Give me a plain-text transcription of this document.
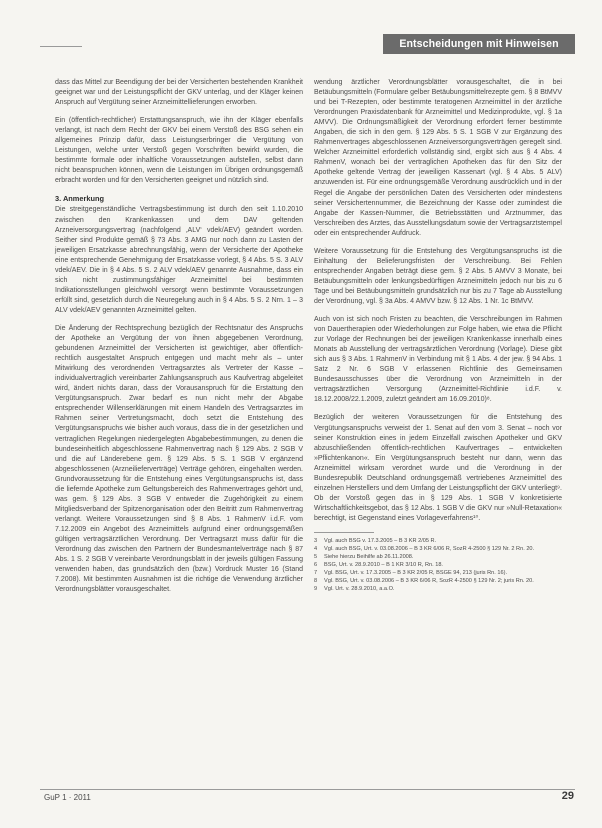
Entscheidungen mit Hinweisen

dass das Mittel zur Beendigung der bei der Versicherten bestehenden Krankheit geeignet war und der Leistungspflicht der GKV unterlag, und der Kläger keinen Anspruch auf Vergütung seiner Arzneimittellieferungen erworben.

Ein (öffentlich-rechtlicher) Erstattungsanspruch, wie ihn der Kläger ebenfalls verlangt, ist nach dem Recht der GKV bei einem Verstoß des BSG sehen ein allgemeines Prinzip dafür, dass Leistungserbringer die Vergütung von Leistungen, welche unter Verstoß gegen Vorschriften bewirkt wurden, die bestimmte formale oder inhaltliche Voraussetzungen aufstellen, selbst dann nicht beanspruchen können, wenn die Leistungen im Übrigen ordnungsgemäß erbracht worden und für den Versicherten geeignet und nützlich sind.

3. Anmerkung

Die streitgegenständliche Vertragsbestimmung ist durch den seit 1.10.2010 zwischen den Krankenkassen und dem DAV geltenden Arzneiversorgungsvertrag (nachfolgend ‚ALV‘ vdek/AEV) geändert worden. Seither sind Produkte gemäß § 73 Abs. 3 AMG nur noch dann zu Lasten der jeweiligen Ersatzkasse abrechnungsfähig, wenn der Versicherte der Apotheke eine entsprechende Genehmigung der Ersatzkasse vorlegt, § 4 Abs. 5 S. 3 ALV vdek/AEV. Die in § 4 Abs. 5 S. 2 ALV vdek/AEV genannte Ausnahme, dass ein sich nicht zustimmungsfähiger Arzneimittel bei bestimmten Indikationsstellungen gleichwohl versorgt wenn bestimmte Voraussetzungen erfüllt sind, gesetzlich durch die Neuregelung auch in § 4 Abs. 5 S. 2 Nrn. 1 – 3 ALV vdek/AEV genannten Arzneimittel gelten.

Die Änderung der Rechtsprechung bezüglich der Rechtsnatur des Anspruchs der Apotheke an Vergütung der von ihnen abgegebenen Verordnung, gebundenen Arzneimittel der Versicherten ist gewichtiger, aber öffentlich-rechtlich ausgestaltet Anspruch entgegen und macht mehr als – unter Mitwirkung des verordnenden Vertragsarztes als Vertreter der Kasse – individualvertraglich vereinbarter Zahlungsanspruch aus Kaufvertrag abgeleitet wird, ändert nichts daran, dass der Vorausanspruch für die Erstattung den Vergütungsanspruch. Zwar bedarf es nun nicht mehr der Abgabe entsprechender Willenserklärungen mit einem Handeln des Vertragsarztes im Rahmen seiner Vertretungsmacht, doch setzt die Entstehung des Vergütungsanspruchs wie bisher auch voraus, dass die in der gesetzlichen und vertraglichen Regelungen niedergelegten Abgabebestimmungen, zu denen die bundeseinheitlich abgeschlossene Rahmenvertrag nach § 129 Abs. 2 SGB V und die auf Länderebene gem. § 129 Abs. 5 S. 1 SGB V ergänzend abgeschlossenen (Arzneilieferverträge) Verträge gehören, eingehalten werden. Grundvoraussetzung für die Entstehung eines Vergütungsanspruchs ist, dass die liefernde Apotheke zum Geltungsbereich des Rahmenvertrages gehört und, was gem. § 129 Abs. 3 SGB V entweder die Zugehörigkeit zu einem Mitgliedsverband der Spitzenorganisation oder den Beitritt zum Rahmenvertrag verlangt. Weitere Voraussetzungen sind § 8 Abs. 1 RahmenV i.d.F. vom 7.12.2009 ein Angebot des Arzneimittels aufgrund einer ordnungsgemäßen gültigen vertragsärztlichen Verordnung. Der Vertragsarzt muss dafür für die Verordnung das zwischen den Partnern der Bundesmantelverträge nach § 87 Abs. 1 S. 2 SGB V vereinbarte Verordnungsblatt in der jeweils gültigen Fassung verwenden haben, das grundsätzlich den (bzw.) Vordruck Muster 16 (Stand 7.2008). Mit bestimmten Ausnahmen ist die richtige die Verwendung ärztlicher Verordnungsblätter vorausgeschaltet.

wendung ärztlicher Verordnungsblätter vorausgeschaltet, die in bei Betäubungsmitteln (Formulare gelber Betäubungsmittelrezepte gem. § 8 BtMVV und bei T-Rezepten, oder bestimmte teratogenen Arzneimittel in der ärztliche Verordnungen Praxisdatenbank für Arzneimittel und Medizinprodukte, vgl. § 1a AMVV). Die Ordnungsmäßigkeit der Verordnung erfordert ferner bestimmte Angaben, die sich in den gem. § 129 Abs. 5 S. 1 SGB V zur Ergänzung des Rahmenvertrages abgeschlossenen Arzneiversorgungsverträgen geregelt sind. Welcher Arzneimittel erforderlich vollständig sind, ergibt sich aus § 4 Abs. 4 RahmenV, wonach bei der vertraglichen Apotheken das für den Sitz der Apotheke geltende Vertrag der jeweiligen Kassenart (vgl. § 4 Abs. 5 ALV) anzuwenden ist. Für eine ordnungsgemäße Verordnung ausdrücklich und in der Regel die Angabe der persönlichen Daten des Versicherten oder mindestens seiner Versichertennummer, die Bezeichnung der Kasse oder zumindest die Angabe der Kassen-Nummer, die Betriebsstätten und Arztnummer, das Verschreiben des Arztes, das Ausstellungsdatum sowie der Vertragsarztstempel oder ein entsprechender Aufdruck.

Weitere Voraussetzung für die Entstehung des Vergütungsanspruchs ist die Einhaltung der Belieferungsfristen der Verschreibung. Bei Fehlen entsprechender Angaben beträgt diese gem. § 2 Abs. 5 AMVV 3 Monate, bei Betäubungsmitteln oder lenkungsbedürftigen Arzneimitteln jedoch nur bis zu 6 Tage und bei Betäubungsmitteln grundsätzlich nur bis zu 7 Tage ab Ausstellung der Verordnung, vgl. § 3a Abs. 4 AMVV bzw. § 12 Abs. 1 Nr. 1c BtMVV.

Auch von ist sich noch Fristen zu beachten, die Verschreibungen im Rahmen von Dauertherapien oder Wiederholungen zur Folge haben, wie etwa die Pflicht zur Vorlage der Rechnungen bei der jeweiligen Krankenkasse innerhalb eines Monats ab Ausstellung der vertragsärztlichen Verordnung (Vorlage). Diese gibt sich aus § 3 Abs. 1 RahmenV in Verbindung mit § 1 Abs. 4 der jew. § 94 Abs. 1 Satz 2 Nr. 6 SGB V erlassenen Richtlinie des Gemeinsamen Bundesausschusses über die Verordnung von Arzneimitteln in der vertragsärztlichen Versorgung (Arzneimittel-Richtlinie i.d.F. v. 18.12.2008/22.1.2009, zuletzt geändert am 16.09.2010)⁸.

Bezüglich der weiteren Voraussetzungen für die Entstehung des Vergütungsanspruchs verweist der 1. Senat auf den vom 3. Senat – noch vor seiner Konstruktion eines in jedem Einzelfall zwischen Apotheker und GKV abzuschließenden öffentlich-rechtlichen Kaufvertrages – entwickelten »Pflichtenkanon«. Ein Vergütungsanspruch besteht nur dann, wenn das Arzneimittel wirksam verordnet wurde und die Verordnung in der Bundesrepublik Deutschland ordnungsgemäß vertriebenes Arzneimittel des einzelnen Herstellers und dem Umfang der Leistungspflicht der GKV unterliegt⁹. Ob der Vorstoß gegen das in § 129 Abs. 1 SGB V konkretisierte Wirtschaftlichkeitsgebot, das § 12 Abs. 1 SGB V die GKV nur »Null-Retaxation« berechtigt, ist Gegenstand eines Vorlageverfahrens¹⁰.

3	Vgl. auch BSG v. 17.3.2005 – B 3 KR 2/05 R.
4	Vgl. auch BSG, Urt. v. 03.08.2006 – B 3 KR 6/06 R, SozR 4-2500 § 129 Nr. 2 Rn. 20.
5	Siehe hierzu Beihilfe ab 26.11.2008.
6	BSG, Urt. v. 28.9.2010 – B 1 KR 3/10 R, Rn. 18.
7	Vgl. BSG, Urt. v. 17.3.2005 – B 3 KR 2/05 R, BSGE 94, 213 (juris Rn. 16).
8	Vgl. BSG, Urt. v. 03.08.2006 – B 3 KR 6/06 R, SozR 4-2500 § 129 Nr. 2; juris Rn. 20.
9	Vgl. Urt. v. 28.9.2010, a.a.O.
GuP 1 · 2011	29
